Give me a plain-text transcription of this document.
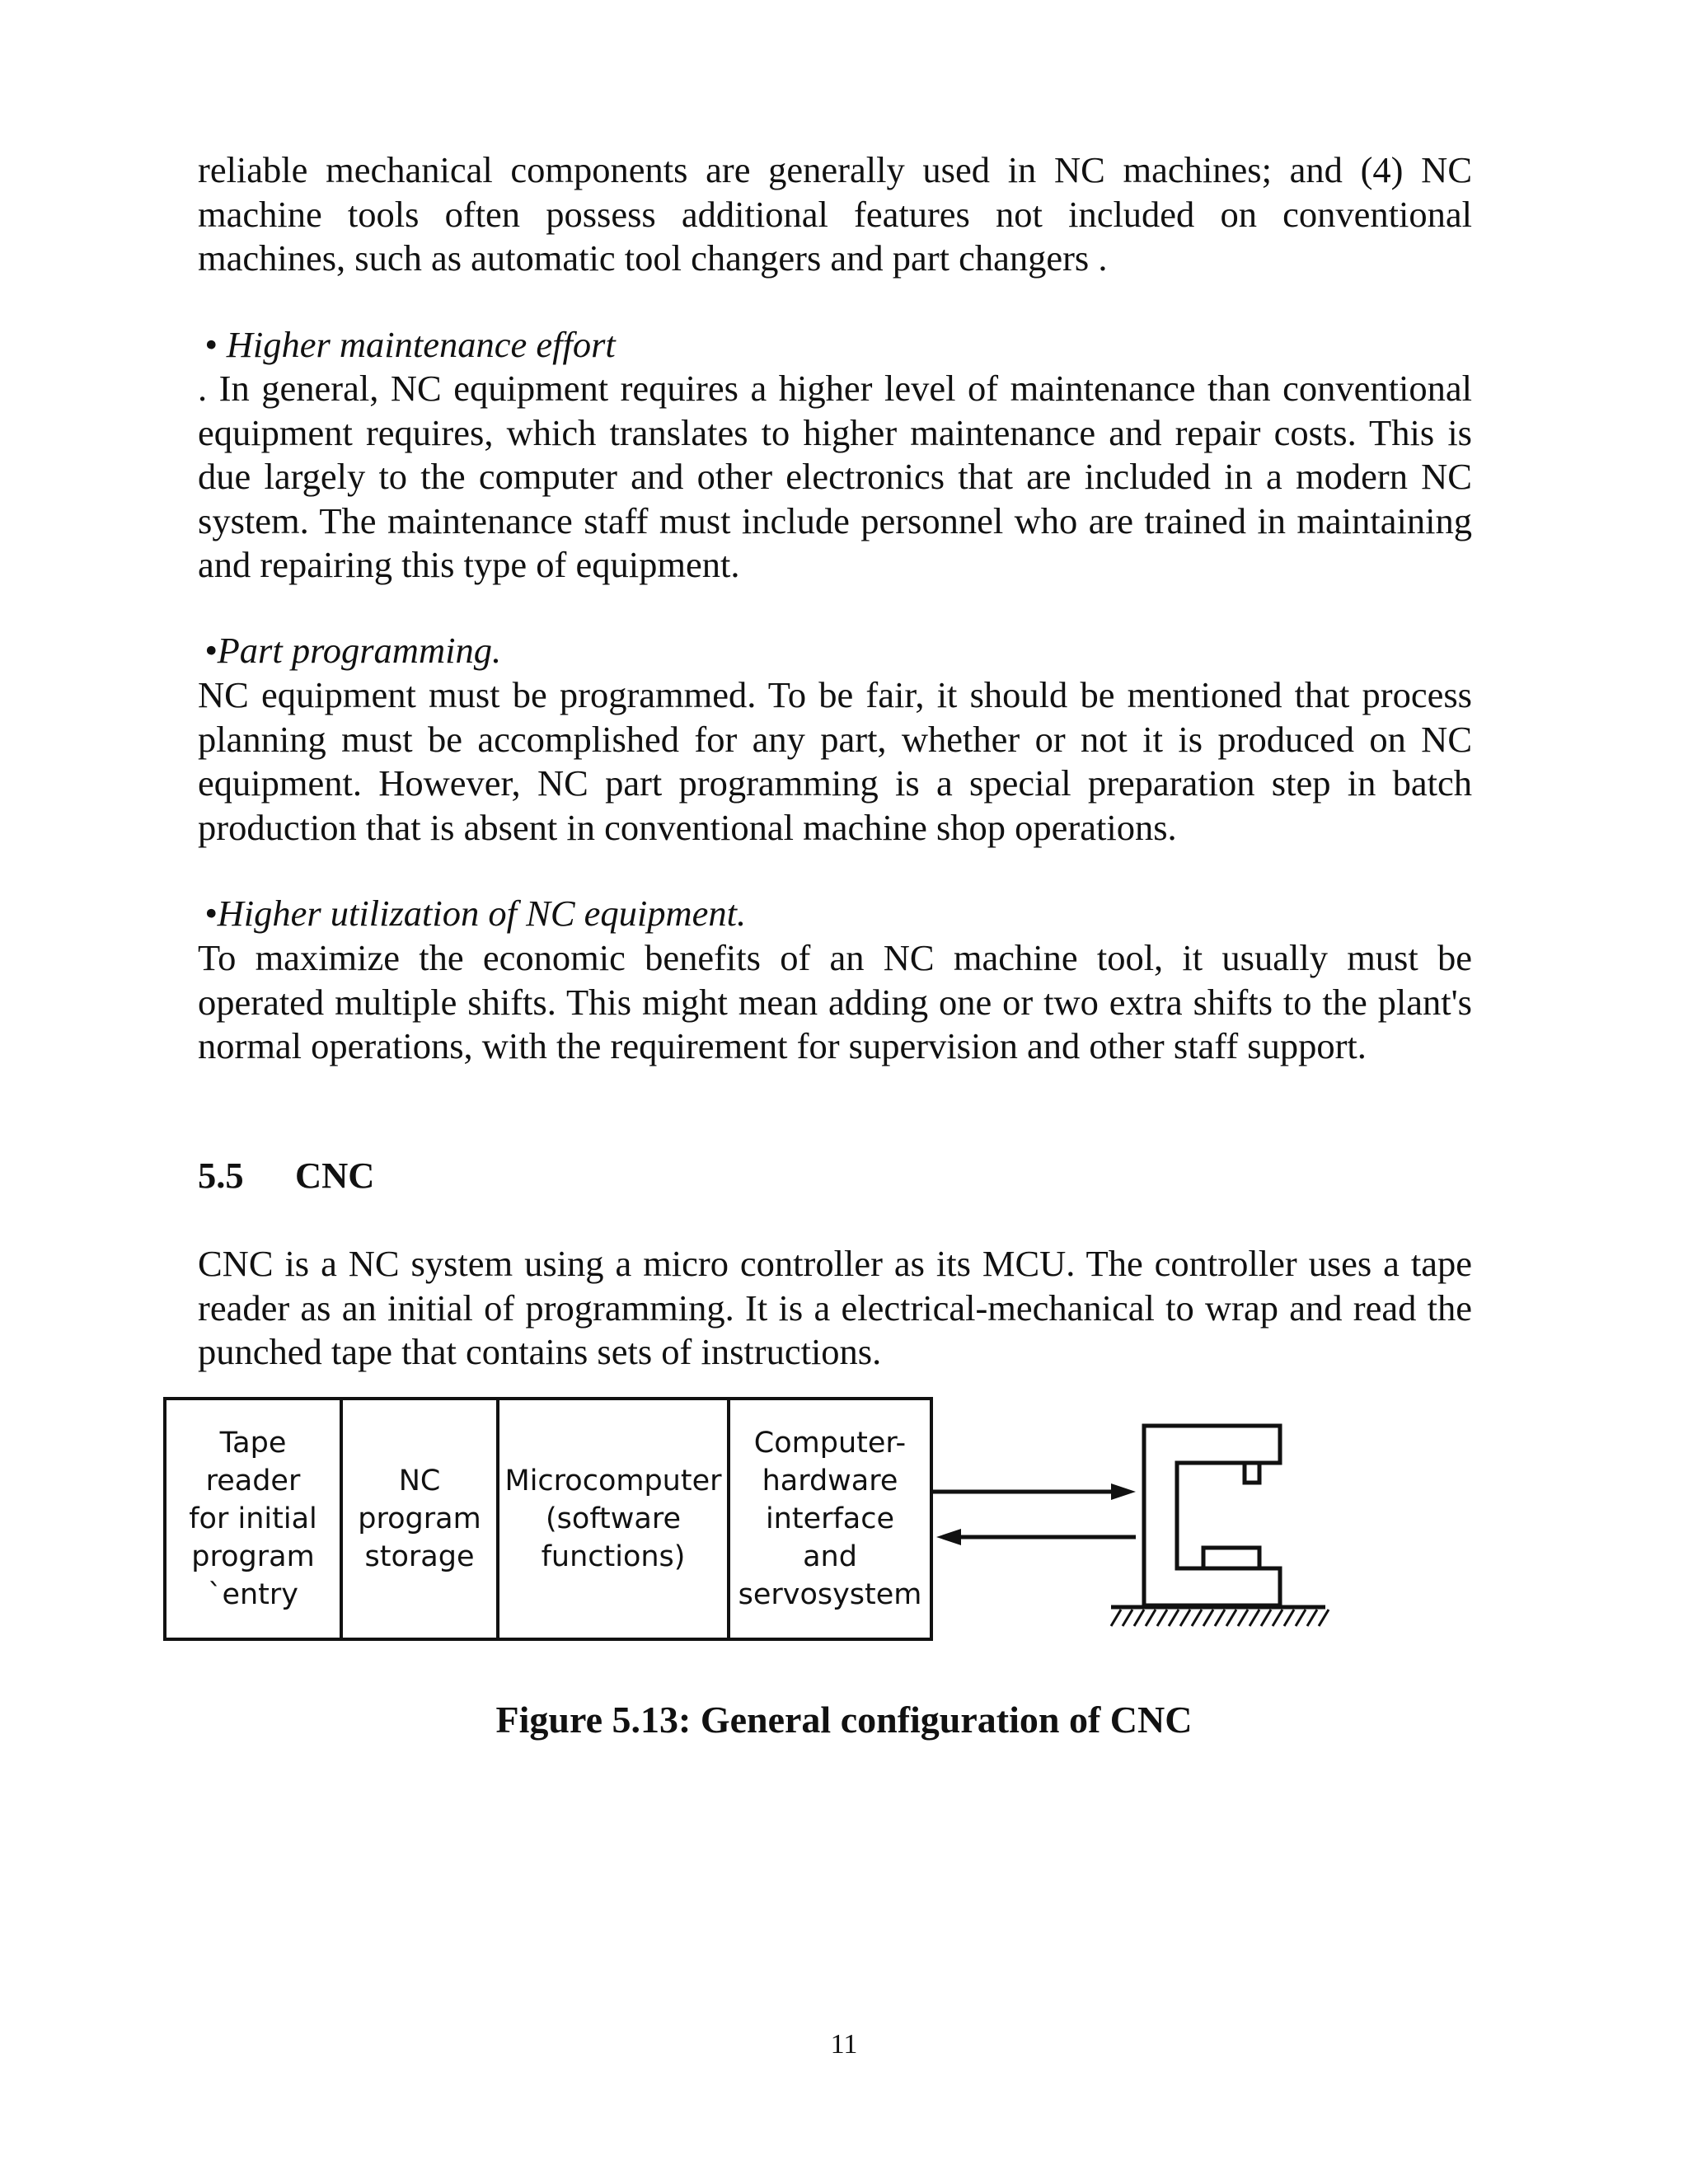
reliable mechanical components are generally used in NC machines; and (4) NC machine tools often possess additional features not included on conventional machines, such as automatic tool changers and part changers .

• Higher maintenance effort

. In general, NC equipment requires a higher level of maintenance than conventional equipment requires, which translates to higher maintenance and repair costs. This is due largely to the computer and other electronics that are included in a modern NC system. The maintenance staff must include personnel who are trained in maintaining and repairing this type of equipment.

•Part programming.

NC equipment must be programmed. To be fair, it should be mentioned that process planning must be accomplished for any part, whether or not it is produced on NC equipment. However, NC part programming is a special preparation step in batch production that is absent in conventional machine shop operations.

•Higher utilization of NC equipment.

To maximize the economic benefits of an NC machine tool, it usually must be operated multiple shifts. This might mean adding one or two extra shifts to the plant's normal operations, with the requirement for supervision and other staff support.

5.5 CNC

CNC is a NC system using a micro controller as its MCU. The controller uses a tape reader as an initial of programming. It is a electrical-mechanical to wrap and read the punched tape that contains sets of instructions.

Tape
reader
for initial
program
`entry
NC
program
storage
Microcomputer
(software
functions)
Computer-
hardware
interface
and
servosystem

Figure 5.13: General configuration of CNC

11
